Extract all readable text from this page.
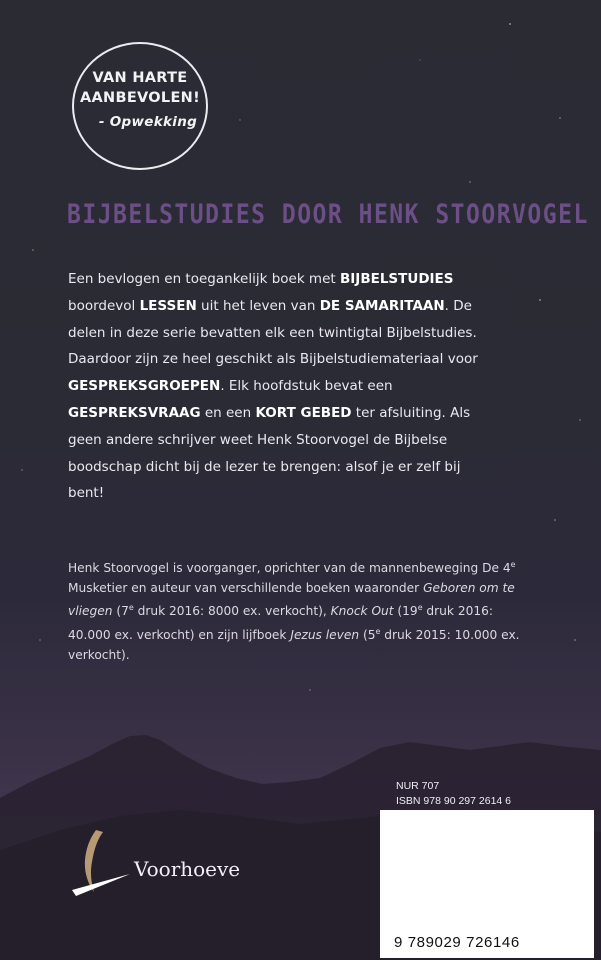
VAN HARTE
AANBEVOLEN!
- Opwekking
BIJBELSTUDIES DOOR HENK STOORVOGEL
Een bevlogen en toegankelijk boek met BIJBELSTUDIES boordevol LESSEN uit het leven van DE SAMARITAAN. De delen in deze serie bevatten elk een twintigtal Bijbelstudies. Daardoor zijn ze heel geschikt als Bijbelstudiemateriaal voor GESPREKSGROEPEN. Elk hoofdstuk bevat een GESPREKSVRAAG en een KORT GEBED ter afsluiting. Als geen andere schrijver weet Henk Stoorvogel de Bijbelse boodschap dicht bij de lezer te brengen: alsof je er zelf bij bent!
Henk Stoorvogel is voorganger, oprichter van de mannenbeweging De 4e Musketier en auteur van verschillende boeken waaronder Geboren om te vliegen (7e druk 2016: 8000 ex. verkocht), Knock Out (19e druk 2016: 40.000 ex. verkocht) en zijn lijfboek Jezus leven (5e druk 2015: 10.000 ex. verkocht).
Voorhoeve
NUR 707
ISBN 978 90 297 2614 6
9 789029 726146
